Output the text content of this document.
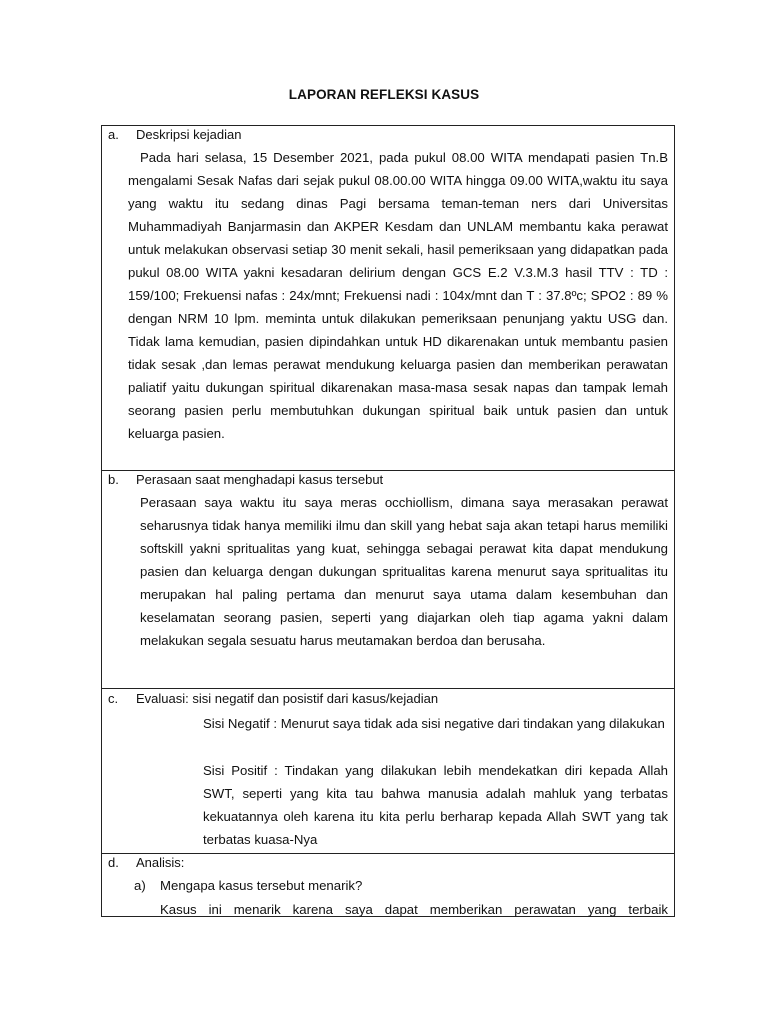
LAPORAN REFLEKSI KASUS
a. Deskripsi kejadian

Pada hari selasa, 15 Desember 2021, pada pukul 08.00 WITA mendapati pasien Tn.B mengalami Sesak Nafas dari sejak pukul 08.00.00 WITA hingga 09.00 WITA,waktu itu saya yang waktu itu sedang dinas Pagi bersama teman-teman ners dari Universitas Muhammadiyah Banjarmasin dan AKPER Kesdam dan UNLAM membantu kaka perawat untuk melakukan observasi setiap 30 menit sekali, hasil pemeriksaan yang didapatkan pada pukul 08.00 WITA yakni kesadaran delirium dengan GCS E.2 V.3.M.3 hasil TTV : TD : 159/100; Frekuensi nafas : 24x/mnt; Frekuensi nadi : 104x/mnt dan T : 37.8ºc; SPO2 : 89 % dengan NRM 10 lpm. meminta untuk dilakukan pemeriksaan penunjang yaktu USG dan. Tidak lama kemudian, pasien dipindahkan untuk HD dikarenakan untuk membantu pasien tidak sesak ,dan lemas perawat mendukung keluarga pasien dan memberikan perawatan paliatif yaitu dukungan spiritual dikarenakan masa-masa sesak napas dan tampak lemah seorang pasien perlu membutuhkan dukungan spiritual baik untuk pasien dan untuk keluarga pasien.

b. Perasaan saat menghadapi kasus tersebut

Perasaan saya waktu itu saya meras occhiollism, dimana saya merasakan perawat seharusnya tidak hanya memiliki ilmu dan skill yang hebat saja akan tetapi harus memiliki softskill yakni spritualitas yang kuat, sehingga sebagai perawat kita dapat mendukung pasien dan keluarga dengan dukungan spritualitas karena menurut saya spritualitas itu merupakan hal paling pertama dan menurut saya utama dalam kesembuhan dan keselamatan seorang pasien, seperti yang diajarkan oleh tiap agama yakni dalam melakukan segala sesuatu harus meutamakan berdoa dan berusaha.

c. Evaluasi: sisi negatif dan posistif dari kasus/kejadian

Sisi Negatif : Menurut saya tidak ada sisi negative dari tindakan yang dilakukan

Sisi Positif : Tindakan yang dilakukan lebih mendekatkan diri kepada Allah SWT, seperti yang kita tau bahwa manusia adalah mahluk yang terbatas kekuatannya oleh karena itu kita perlu berharap kepada Allah SWT yang tak terbatas kuasa-Nya

d. Analisis:
a) Mengapa kasus tersebut menarik?

Kasus ini menarik karena saya dapat memberikan perawatan yang terbaik
